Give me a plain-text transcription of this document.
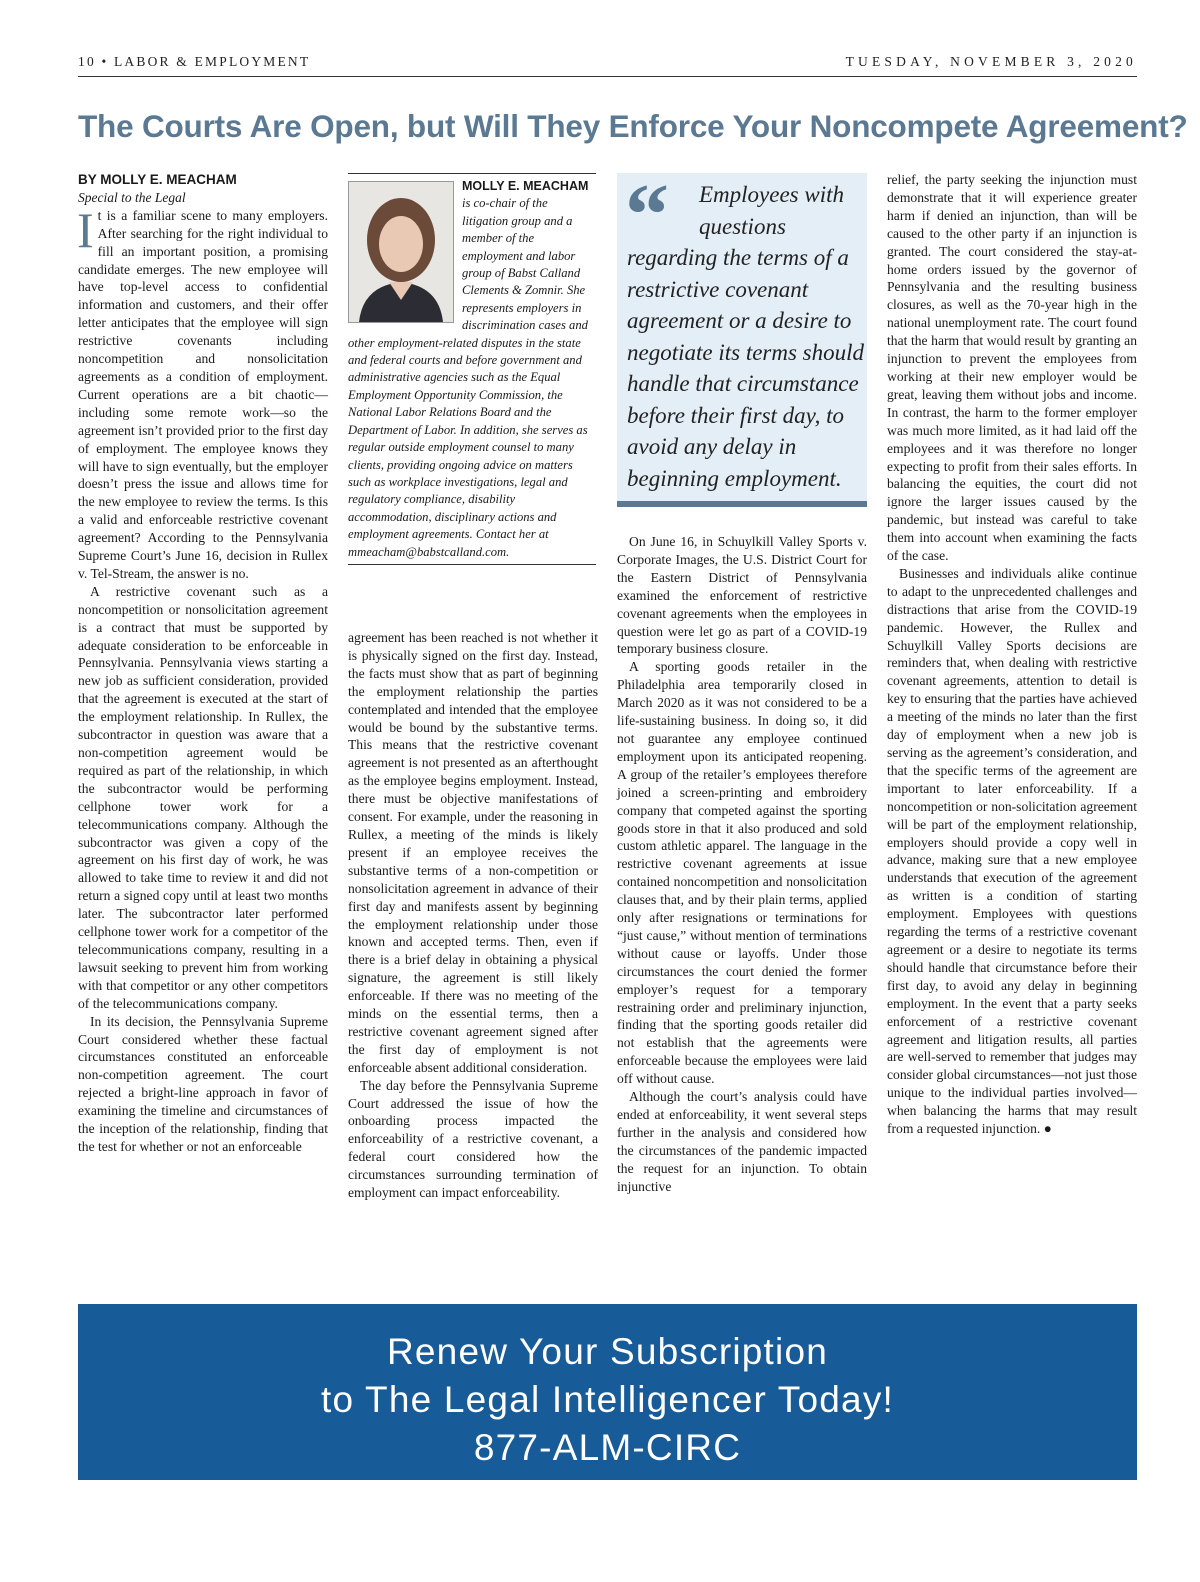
10 • LABOR & EMPLOYMENT	TUESDAY, NOVEMBER 3, 2020
The Courts Are Open, but Will They Enforce Your Noncompete Agreement?

BY MOLLY E. MEACHAM

Special to the Legal

It is a familiar scene to many employers. After searching for the right individual to fill an important position, a promising candidate emerges. The new employee will have top-level access to confidential information and customers, and their offer letter anticipates that the employee will sign restrictive covenants including noncompetition and nonsolicitation agreements as a condition of employment. Current operations are a bit chaotic—including some remote work—so the agreement isn’t provided prior to the first day of employment. The employee knows they will have to sign eventually, but the employer doesn’t press the issue and allows time for the new employee to review the terms. Is this a valid and enforceable restrictive covenant agreement? According to the Pennsylvania Supreme Court’s June 16, decision in Rullex v. Tel-Stream, the answer is no.

A restrictive covenant such as a noncompetition or nonsolicitation agreement is a contract that must be supported by adequate consideration to be enforceable in Pennsylvania. Pennsylvania views starting a new job as sufficient consideration, provided that the agreement is executed at the start of the employment relationship. In Rullex, the subcontractor in question was aware that a non-competition agreement would be required as part of the relationship, in which the subcontractor would be performing cellphone tower work for a telecommunications company. Although the subcontractor was given a copy of the agreement on his first day of work, he was allowed to take time to review it and did not return a signed copy until at least two months later. The subcontractor later performed cellphone tower work for a competitor of the telecommunications company, resulting in a lawsuit seeking to prevent him from working with that competitor or any other competitors of the telecommunications company.

In its decision, the Pennsylvania Supreme Court considered whether these factual circumstances constituted an enforceable non-competition agreement. The court rejected a bright-line approach in favor of examining the timeline and circumstances of the inception of the relationship, finding that the test for whether or not an enforceable

MOLLY E. MEACHAM
is co-chair of the litigation group and a member of the employment and labor group of Babst Calland Clements & Zomnir. She represents employers in discrimination cases and other employment-related disputes in the state and federal courts and before government and administrative agencies such as the Equal Employment Opportunity Commission, the National Labor Relations Board and the Department of Labor. In addition, she serves as regular outside employment counsel to many clients, providing ongoing advice on matters such as workplace investigations, legal and regulatory compliance, disability accommodation, disciplinary actions and employment agreements. Contact her at mmeacham@babstcalland.com.
“	Employees with questions
regarding the terms of a restrictive covenant agreement or a desire to negotiate its terms should handle that circumstance before their first day, to avoid any delay in beginning employment.

agreement has been reached is not whether it is physically signed on the first day. Instead, the facts must show that as part of beginning the employment relationship the parties contemplated and intended that the employee would be bound by the substantive terms. This means that the restrictive covenant agreement is not presented as an afterthought as the employee begins employment. Instead, there must be objective manifestations of consent. For example, under the reasoning in Rullex, a meeting of the minds is likely present if an employee receives the substantive terms of a non-competition or nonsolicitation agreement in advance of their first day and manifests assent by beginning the employment relationship under those known and accepted terms. Then, even if there is a brief delay in obtaining a physical signature, the agreement is still likely enforceable. If there was no meeting of the minds on the essential terms, then a restrictive covenant agreement signed after the first day of employment is not enforceable absent additional consideration.

The day before the Pennsylvania Supreme Court addressed the issue of how the onboarding process impacted the enforceability of a restrictive covenant, a federal court considered how the circumstances surrounding termination of employment can impact enforceability.

On June 16, in Schuylkill Valley Sports v. Corporate Images, the U.S. District Court for the Eastern District of Pennsylvania examined the enforcement of restrictive covenant agreements when the employees in question were let go as part of a COVID-19 temporary business closure.

A sporting goods retailer in the Philadelphia area temporarily closed in March 2020 as it was not considered to be a life-sustaining business. In doing so, it did not guarantee any employee continued employment upon its anticipated reopening. A group of the retailer’s employees therefore joined a screen-printing and embroidery company that competed against the sporting goods store in that it also produced and sold custom athletic apparel. The language in the restrictive covenant agreements at issue contained noncompetition and nonsolicitation clauses that, and by their plain terms, applied only after resignations or terminations for “just cause,” without mention of terminations without cause or layoffs. Under those circumstances the court denied the former employer’s request for a temporary restraining order and preliminary injunction, finding that the sporting goods retailer did not establish that the agreements were enforceable because the employees were laid off without cause.

Although the court’s analysis could have ended at enforceability, it went several steps further in the analysis and considered how the circumstances of the pandemic impacted the request for an injunction. To obtain injunctive

relief, the party seeking the injunction must demonstrate that it will experience greater harm if denied an injunction, than will be caused to the other party if an injunction is granted. The court considered the stay-at-home orders issued by the governor of Pennsylvania and the resulting business closures, as well as the 70-year high in the national unemployment rate. The court found that the harm that would result by granting an injunction to prevent the employees from working at their new employer would be great, leaving them without jobs and income. In contrast, the harm to the former employer was much more limited, as it had laid off the employees and it was therefore no longer expecting to profit from their sales efforts. In balancing the equities, the court did not ignore the larger issues caused by the pandemic, but instead was careful to take them into account when examining the facts of the case.

Businesses and individuals alike continue to adapt to the unprecedented challenges and distractions that arise from the COVID-19 pandemic. However, the Rullex and Schuylkill Valley Sports decisions are reminders that, when dealing with restrictive covenant agreements, attention to detail is key to ensuring that the parties have achieved a meeting of the minds no later than the first day of employment when a new job is serving as the agreement’s consideration, and that the specific terms of the agreement are important to later enforceability. If a noncompetition or non-solicitation agreement will be part of the employment relationship, employers should provide a copy well in advance, making sure that a new employee understands that execution of the agreement as written is a condition of starting employment. Employees with questions regarding the terms of a restrictive covenant agreement or a desire to negotiate its terms should handle that circumstance before their first day, to avoid any delay in beginning employment. In the event that a party seeks enforcement of a restrictive covenant agreement and litigation results, all parties are well-served to remember that judges may consider global circumstances—not just those unique to the individual parties involved—when balancing the harms that may result from a requested injunction. ●

Renew Your Subscription
to The Legal Intelligencer Today!
877-ALM-CIRC
